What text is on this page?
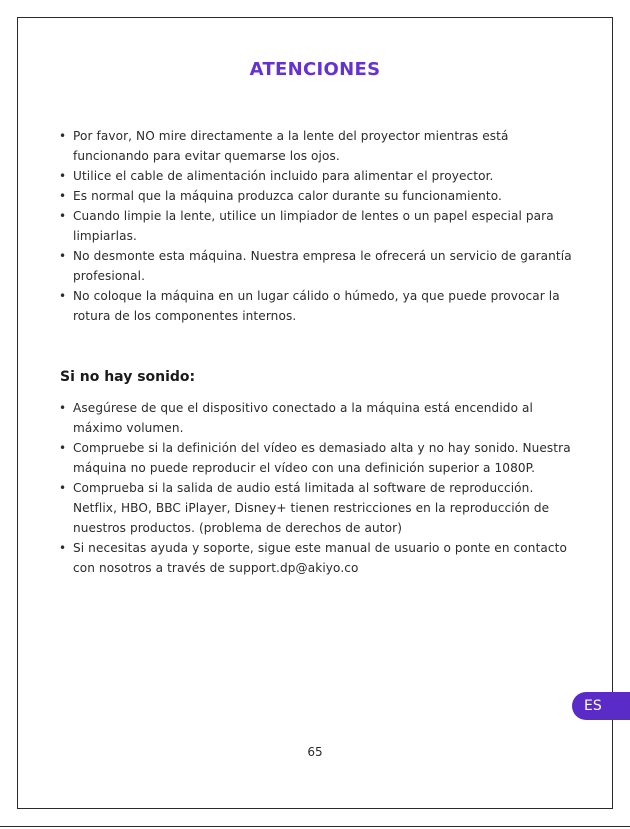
ATENCIONES
• Por favor, NO mire directamente a la lente del proyector mientras está funcionando para evitar quemarse los ojos.
• Utilice el cable de alimentación incluido para alimentar el proyector.
• Es normal que la máquina produzca calor durante su funcionamiento.
• Cuando limpie la lente, utilice un limpiador de lentes o un papel especial para limpiarlas.
• No desmonte esta máquina. Nuestra empresa le ofrecerá un servicio de garantía profesional.
• No coloque la máquina en un lugar cálido o húmedo, ya que puede provocar la rotura de los componentes internos.
Si no hay sonido:
• Asegúrese de que el dispositivo conectado a la máquina está encendido al máximo volumen.
• Compruebe si la definición del vídeo es demasiado alta y no hay sonido. Nuestra máquina no puede reproducir el vídeo con una definición superior a 1080P.
• Comprueba si la salida de audio está limitada al software de reproducción. Netflix, HBO, BBC iPlayer, Disney+ tienen restricciones en la reproducción de nuestros productos. (problema de derechos de autor)
• Si necesitas ayuda y soporte, sigue este manual de usuario o ponte en contacto con nosotros a través de support.dp@akiyo.co
ES
65
